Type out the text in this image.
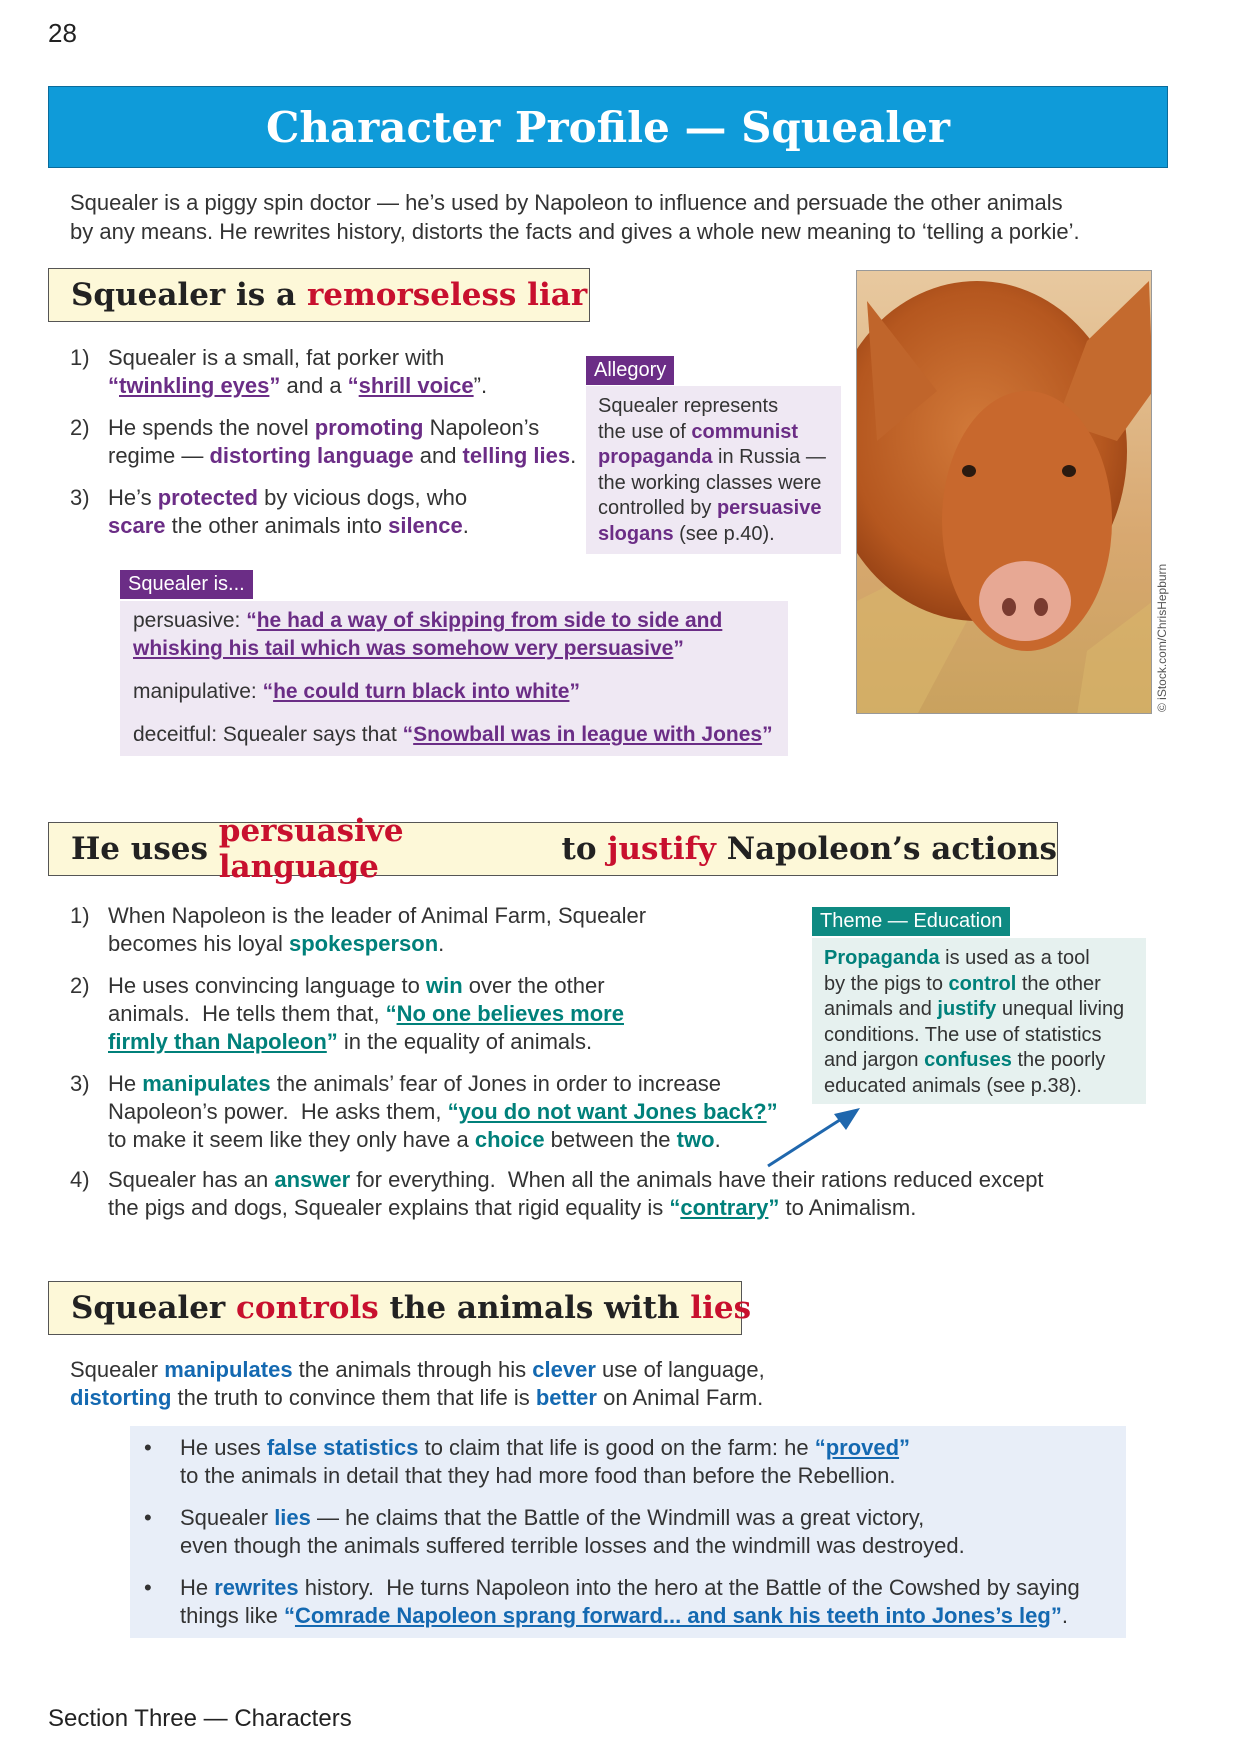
28
Character Profile — Squealer
Squealer is a piggy spin doctor — he’s used by Napoleon to influence and persuade the other animals
by any means. He rewrites history, distorts the facts and gives a whole new meaning to ‘telling a porkie’.
Squealer is a remorseless liar
1) Squealer is a small, fat porker with
“twinkling eyes” and a “shrill voice”.
2) He spends the novel promoting Napoleon’s
regime — distorting language and telling lies.
3) He’s protected by vicious dogs, who
scare the other animals into silence.
Allegory
Squealer represents
the use of communist
propaganda in Russia —
the working classes were
controlled by persuasive
slogans (see p.40).
© iStock.com/ChrisHepburn
Squealer is...

persuasive: “he had a way of skipping from side to side and
whisking his tail which was somehow very persuasive”

manipulative: “he could turn black into white”

deceitful: Squealer says that “Snowball was in league with Jones”

He uses persuasive language	to justify Napoleon’s actions
1) When Napoleon is the leader of Animal Farm, Squealer
becomes his loyal spokesperson.
2) He uses convincing language to win over the other
animals.  He tells them that, “No one believes more
firmly than Napoleon” in the equality of animals.
3) He manipulates the animals’ fear of Jones in order to increase
Napoleon’s power.  He asks them, “you do not want Jones back?”
to make it seem like they only have a choice between the two.
4) Squealer has an answer for everything.  When all the animals have their rations reduced except
the pigs and dogs, Squealer explains that rigid equality is “contrary” to Animalism.
Theme — Education
Propaganda is used as a tool
by the pigs to control the other
animals and justify unequal living
conditions. The use of statistics
and jargon confuses the poorly
educated animals (see p.38).
Squealer controls the animals with lies
Squealer manipulates the animals through his clever use of language,
distorting the truth to convince them that life is better on Animal Farm.
• He uses false statistics to claim that life is good on the farm: he “proved”
to the animals in detail that they had more food than before the Rebellion.
• Squealer lies — he claims that the Battle of the Windmill was a great victory,
even though the animals suffered terrible losses and the windmill was destroyed.
• He rewrites history.  He turns Napoleon into the hero at the Battle of the Cowshed by saying
things like “Comrade Napoleon sprang forward... and sank his teeth into Jones’s leg”.
Section Three — Characters
